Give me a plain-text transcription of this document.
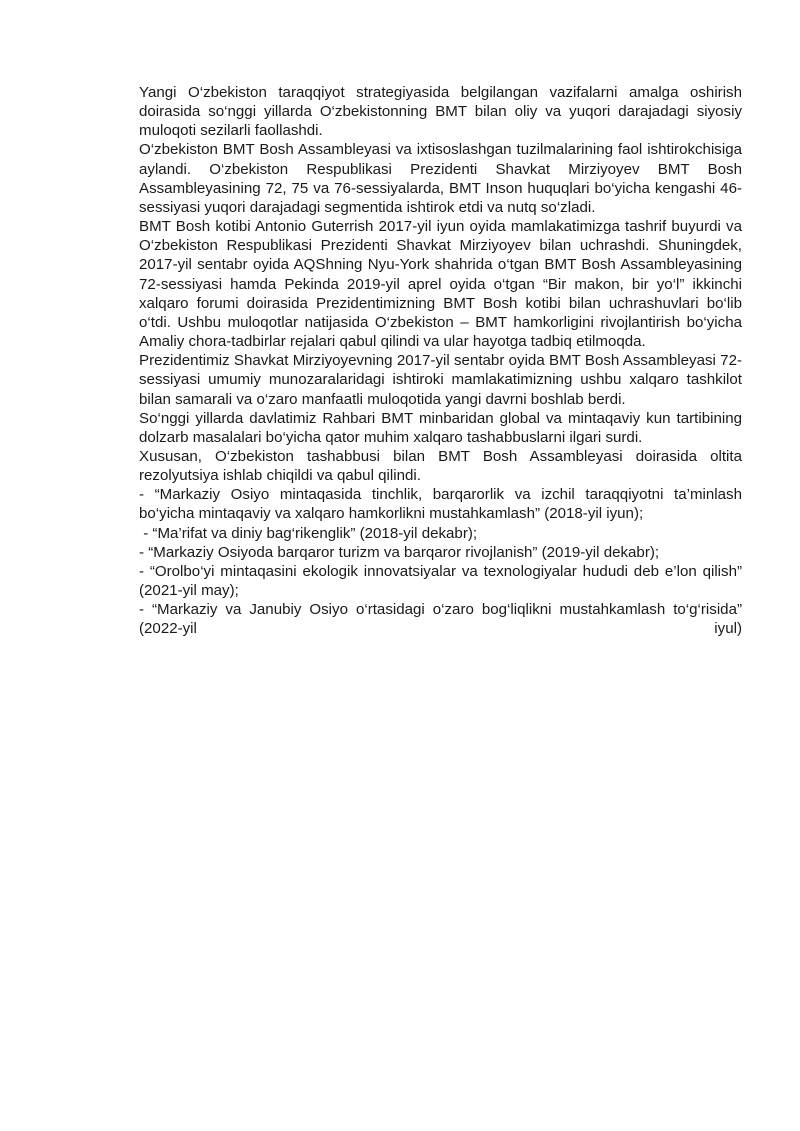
Yangi O‘zbekiston taraqqiyot strategiyasida belgilangan vazifalarni amalga oshirish doirasida so‘nggi yillarda O‘zbekistonning BMT bilan oliy va yuqori darajadagi siyosiy muloqoti sezilarli faollashdi.

O‘zbekiston BMT Bosh Assambleyasi va ixtisoslashgan tuzilmalarining faol ishtirokchisiga aylandi. O‘zbekiston Respublikasi Prezidenti Shavkat Mirziyoyev BMT Bosh Assambleyasining 72, 75 va 76-sessiyalarda, BMT Inson huquqlari bo‘yicha kengashi 46-sessiyasi yuqori darajadagi segmentida ishtirok etdi va nutq so‘zladi.

BMT Bosh kotibi Antonio Guterrish 2017-yil iyun oyida mamlakatimizga tashrif buyurdi va O‘zbekiston Respublikasi Prezidenti Shavkat Mirziyoyev bilan uchrashdi. Shuningdek, 2017-yil sentabr oyida AQShning Nyu-York shahrida o‘tgan BMT Bosh Assambleyasining 72-sessiyasi hamda Pekinda 2019-yil aprel oyida o‘tgan “Bir makon, bir yo‘l” ikkinchi xalqaro forumi doirasida Prezidentimizning BMT Bosh kotibi bilan uchrashuvlari bo‘lib o‘tdi. Ushbu muloqotlar natijasida O‘zbekiston – BMT hamkorligini rivojlantirish bo‘yicha Amaliy chora-tadbirlar rejalari qabul qilindi va ular hayotga tadbiq etilmoqda.

Prezidentimiz Shavkat Mirziyoyevning 2017-yil sentabr oyida BMT Bosh Assambleyasi 72-sessiyasi umumiy munozaralaridagi ishtiroki mamlakatimizning ushbu xalqaro tashkilot bilan samarali va o‘zaro manfaatli muloqotida yangi davrni boshlab berdi.

So‘nggi yillarda davlatimiz Rahbari BMT minbaridan global va mintaqaviy kun tartibining dolzarb masalalari bo‘yicha qator muhim xalqaro tashabbuslarni ilgari surdi.

Xususan, O‘zbekiston tashabbusi bilan BMT Bosh Assambleyasi doirasida oltita rezolyutsiya ishlab chiqildi va qabul qilindi.

- “Markaziy Osiyo mintaqasida tinchlik, barqarorlik va izchil taraqqiyotni ta’minlash bo‘yicha mintaqaviy va xalqaro hamkorlikni mustahkamlash” (2018-yil iyun);

- “Ma’rifat va diniy bag‘rikenglik” (2018-yil dekabr);

- “Markaziy Osiyoda barqaror turizm va barqaror rivojlanish” (2019-yil dekabr);

- “Orolbo‘yi mintaqasini ekologik innovatsiyalar va texnologiyalar hududi deb e’lon qilish” (2021-yil may);

- “Markaziy va Janubiy Osiyo o‘rtasidagi o‘zaro bog‘liqlikni mustahkamlash to‘g‘risida” (2022-yil iyul)
